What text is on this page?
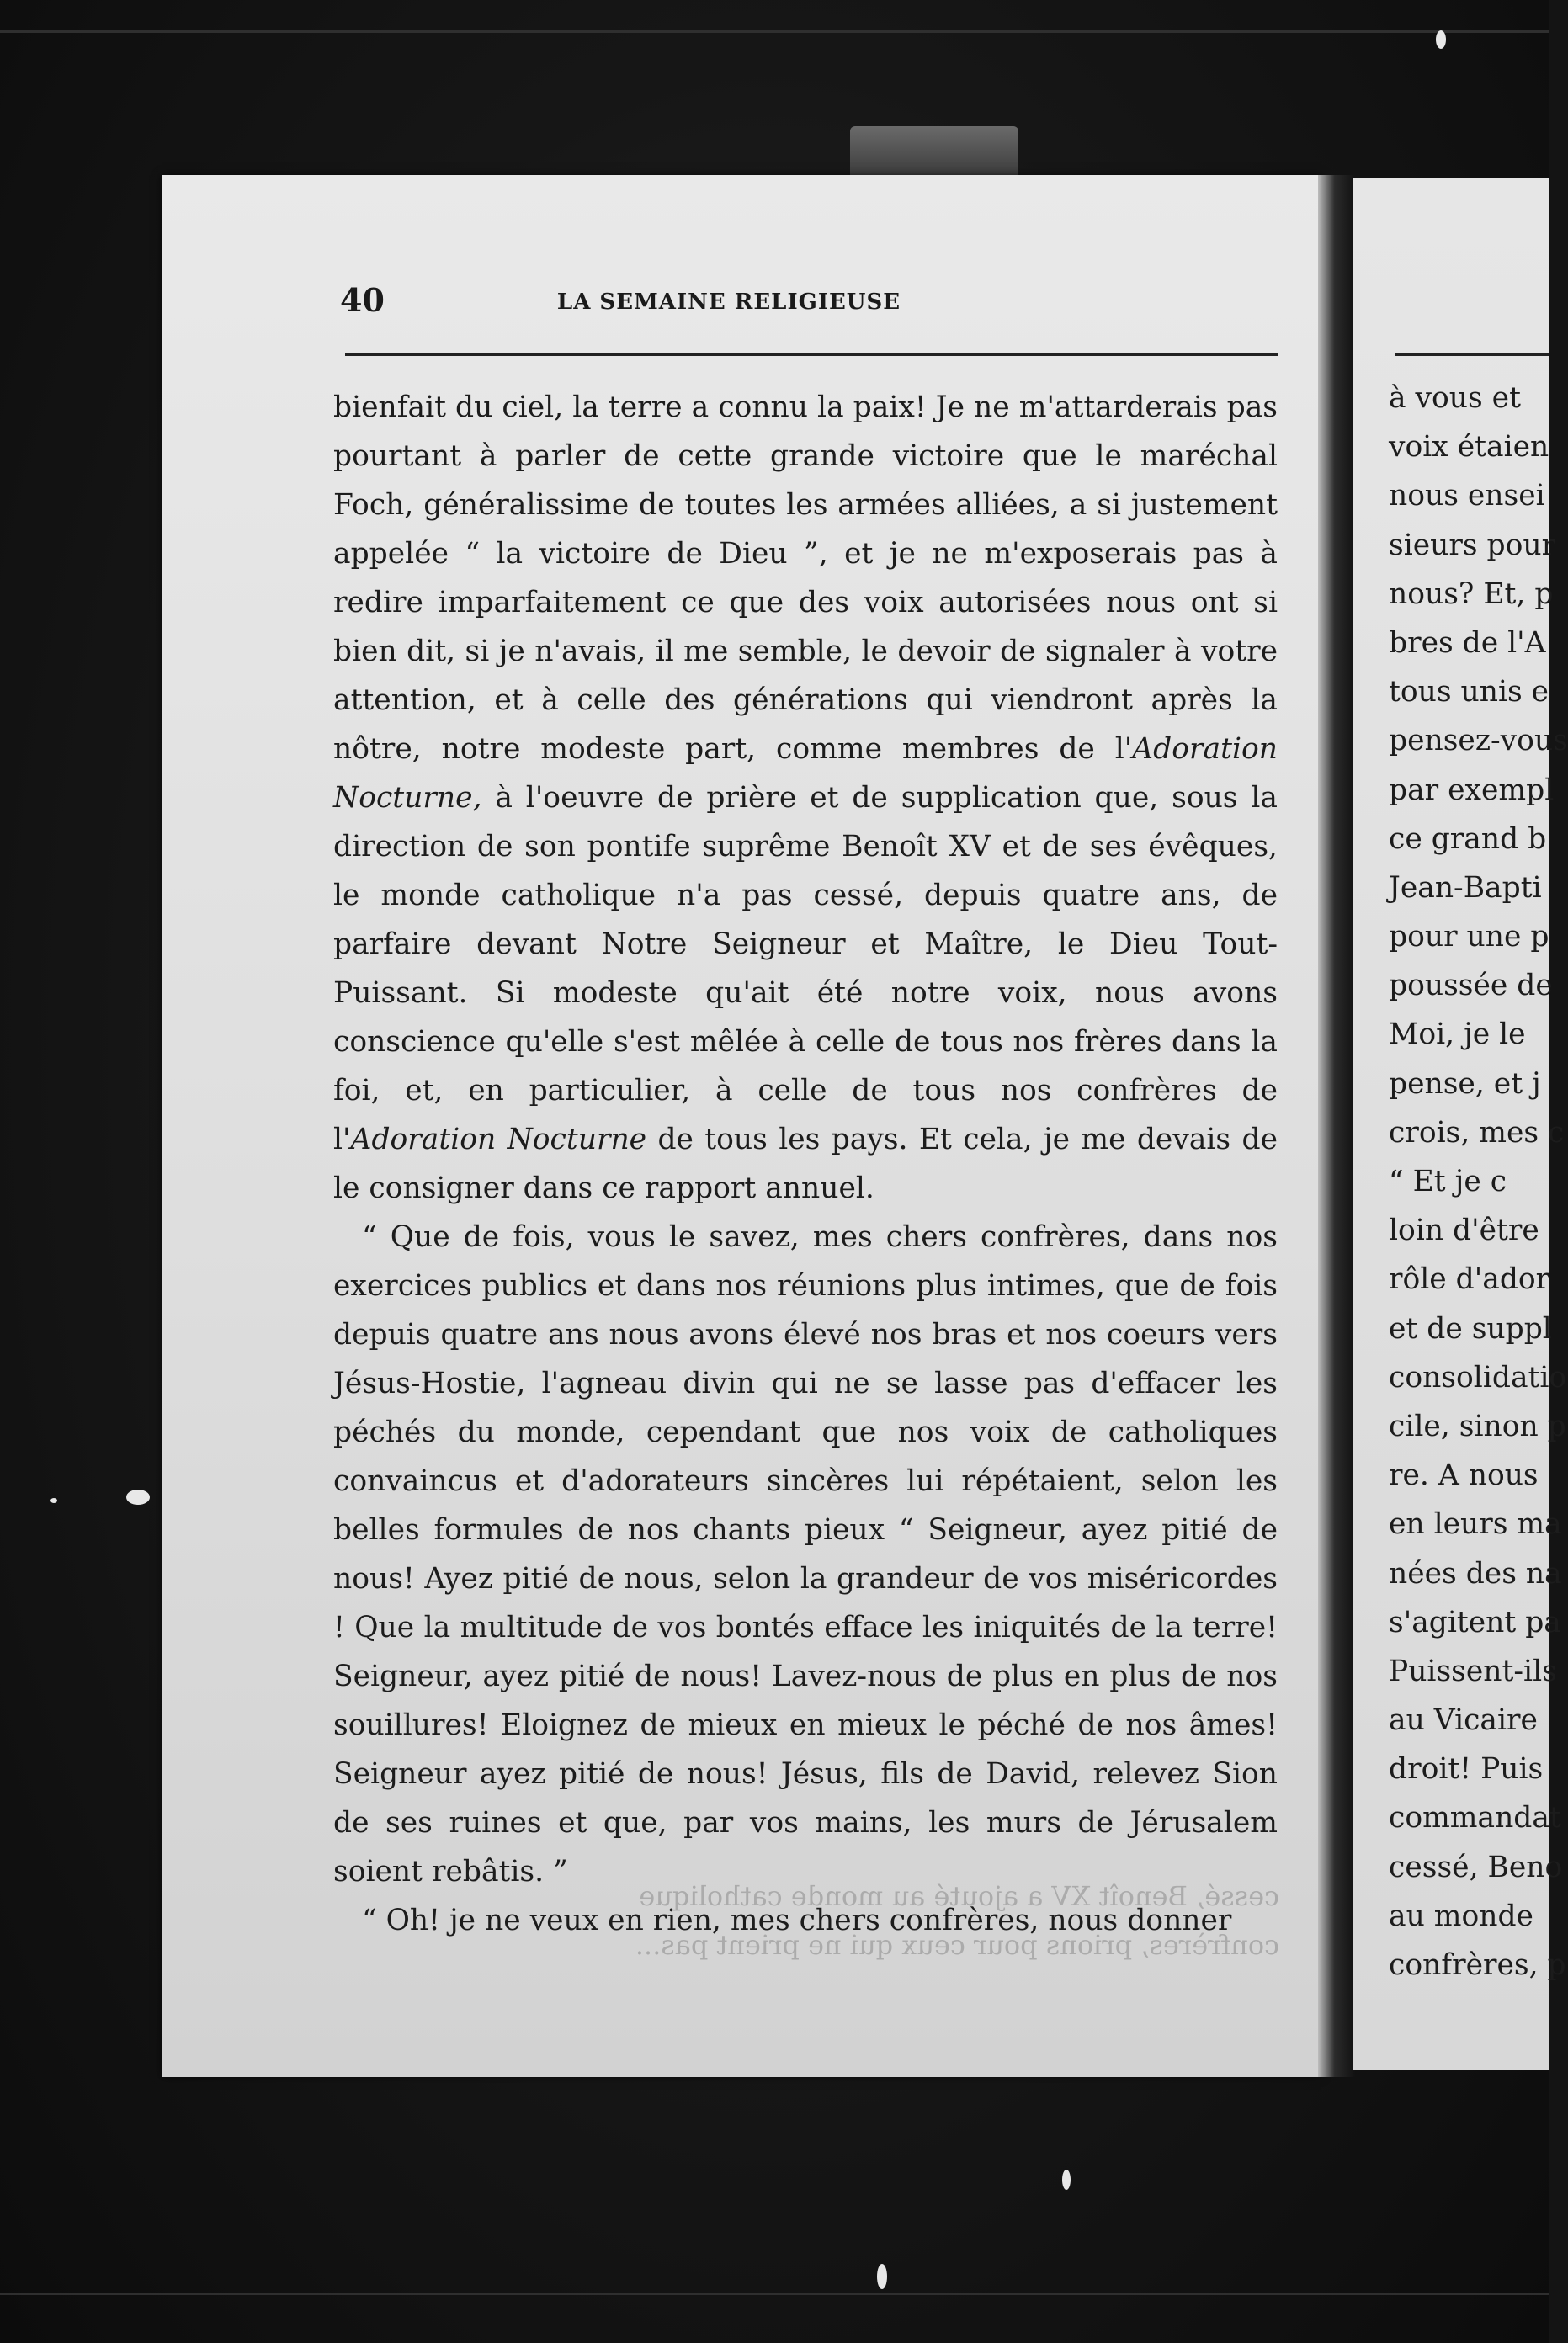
40	LA SEMAINE RELIGIEUSE

bienfait du ciel, la terre a connu la paix! Je ne m'attarderais pas pourtant à parler de cette grande victoire que le maréchal Foch, généralissime de toutes les armées alliées, a si justement appelée “ la victoire de Dieu ”, et je ne m'exposerais pas à redire imparfaitement ce que des voix autorisées nous ont si bien dit, si je n'avais, il me semble, le devoir de signaler à votre attention, et à celle des générations qui viendront après la nôtre, notre modeste part, comme membres de l'Adoration Nocturne, à l'oeuvre de prière et de supplication que, sous la direction de son pontife suprême Benoît XV et de ses évêques, le monde catholique n'a pas cessé, depuis quatre ans, de parfaire devant Notre Seigneur et Maître, le Dieu Tout-Puissant. Si modeste qu'ait été notre voix, nous avons conscience qu'elle s'est mêlée à celle de tous nos frères dans la foi, et, en particulier, à celle de tous nos confrères de l'Adoration Nocturne de tous les pays. Et cela, je me devais de le consigner dans ce rapport annuel.

“ Que de fois, vous le savez, mes chers confrères, dans nos exercices publics et dans nos réunions plus intimes, que de fois depuis quatre ans nous avons élevé nos bras et nos coeurs vers Jésus-Hostie, l'agneau divin qui ne se lasse pas d'effacer les péchés du monde, cependant que nos voix de catholiques convaincus et d'adorateurs sincères lui répétaient, selon les belles formules de nos chants pieux “ Seigneur, ayez pitié de nous! Ayez pitié de nous, selon la grandeur de vos miséricordes ! Que la multitude de vos bontés efface les iniquités de la terre! Seigneur, ayez pitié de nous! Lavez-nous de plus en plus de nos souillures! Eloignez de mieux en mieux le péché de nos âmes! Seigneur ayez pitié de nous! Jésus, fils de David, relevez Sion de ses ruines et que, par vos mains, les murs de Jérusalem soient rebâtis. ”

“ Oh! je ne veux en rien, mes chers confrères, nous donner

cessé, Benoît XV a ajouté au monde catholique
confrères, prions pour ceux qui ne prient pas...
à vous et
voix étaien
nous ensei
sieurs pour
nous? Et, p
bres de l'A
tous unis e
pensez-vous
par exempl
ce grand b
Jean-Bapti
pour une p
poussée de
Moi, je le
pense, et j
crois, mes c
“ Et je c
loin d'être
rôle d'ador
et de suppl
consolidatio
cile, sinon p
re. A nous
en leurs ma
nées des na
s'agitent pa
Puissent-ils
au Vicaire
droit! Puis
commandat
cessé, Beno
au monde
confrères, p
